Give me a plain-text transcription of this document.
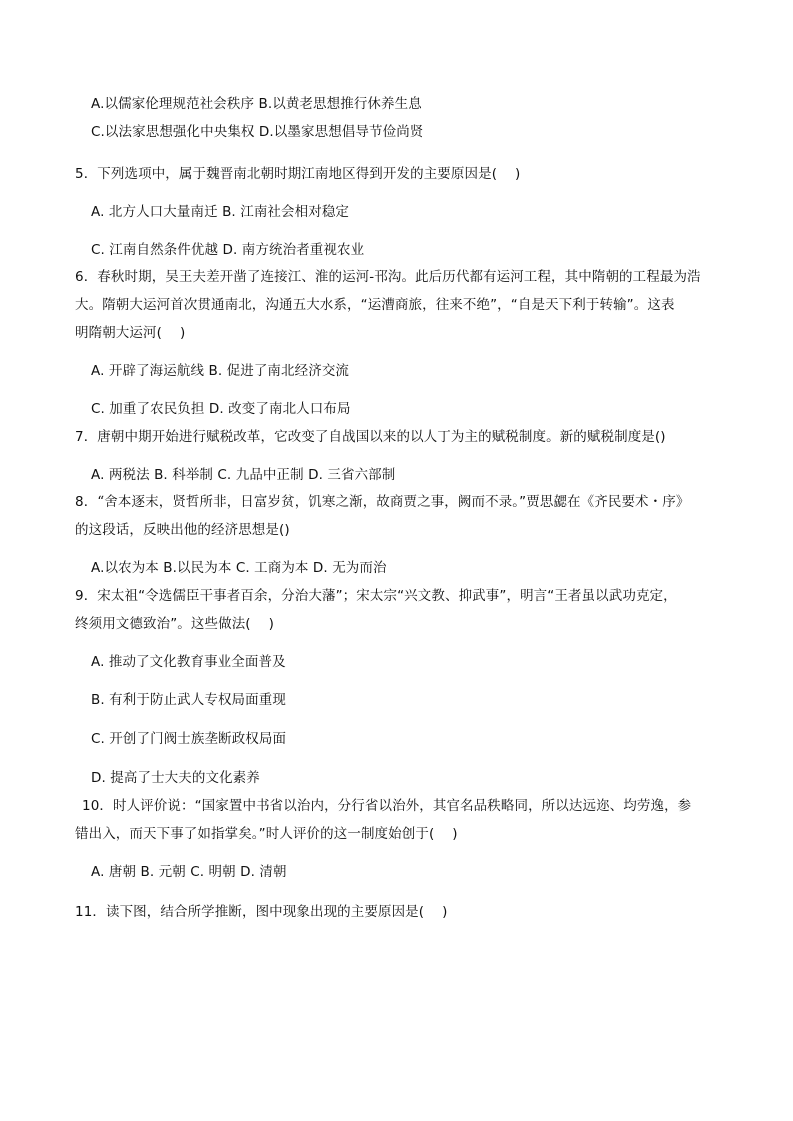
A.以儒家伦理规范社会秩序 B.以黄老思想推行休养生息
C.以法家思想强化中央集权 D.以墨家思想倡导节俭尚贤
5．下列选项中，属于魏晋南北朝时期江南地区得到开发的主要原因是(　 )
A. 北方人口大量南迁 B. 江南社会相对稳定
C. 江南自然条件优越 D. 南方统治者重视农业
6．春秋时期，吴王夫差开凿了连接江、淮的运河-邗沟。此后历代都有运河工程，其中隋朝的工程最为浩
大。隋朝大运河首次贯通南北，沟通五大水系，“运漕商旅，往来不绝”，“自是天下利于转输”。这表
明隋朝大运河(　 )
A. 开辟了海运航线 B. 促进了南北经济交流
C. 加重了农民负担 D. 改变了南北人口布局
7．唐朝中期开始进行赋税改革，它改变了自战国以来的以人丁为主的赋税制度。新的赋税制度是()
A. 两税法 B. 科举制 C. 九品中正制 D. 三省六部制
8．“舍本逐末，贤哲所非，日富岁贫，饥寒之渐，故商贾之事，阙而不录。”贾思勰在《齐民要术・序》
的这段话，反映出他的经济思想是()
A.以农为本 B.以民为本 C. 工商为本 D. 无为而治
9．宋太祖“令选儒臣干事者百余，分治大藩”；宋太宗“兴文教、抑武事”，明言“王者虽以武功克定，
终须用文德致治”。这些做法(　 )
A. 推动了文化教育事业全面普及
B. 有利于防止武人专权局面重现
C. 开创了门阀士族垄断政权局面
D. 提高了士大夫的文化素养
10．时人评价说：“国家置中书省以治内，分行省以治外，其官名品秩略同，所以达远迩、均劳逸，参
错出入，而天下事了如指掌矣。”时人评价的这一制度始创于(　 )
A. 唐朝 B. 元朝 C. 明朝 D. 清朝
11．读下图，结合所学推断，图中现象出现的主要原因是(　 )
